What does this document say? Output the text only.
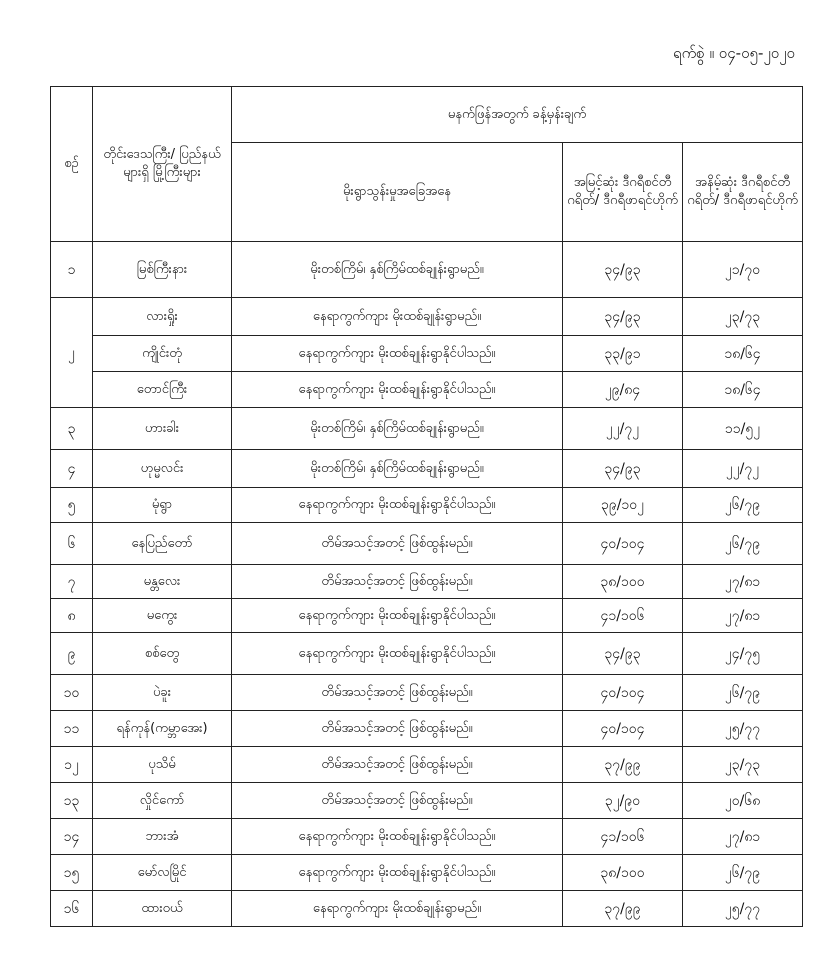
ရက်စွဲ ။ ၀၄-၀၅-၂၀၂၀
စဉ်	တိုင်းဒေသကြီး/ ပြည်နယ်များရှိ မြို့ကြီးများ	မနက်ဖြန်အတွက် ခန့်မှန်းချက်		
		မိုးရွာသွန်းမှုအခြေအနေ	အမြင့်ဆုံး ဒီဂရီစင်တီဂရိတ်/ ဒီဂရီဖာရင်ဟိုက်	အနိမ့်ဆုံး ဒီဂရီစင်တီဂရိတ်/ ဒီဂရီဖာရင်ဟိုက်
၁	မြစ်ကြီးနား	မိုးတစ်ကြိမ်၊ နှစ်ကြိမ်ထစ်ချုန်းရွာမည်။	၃၄/၉၃	၂၁/၇၀
၂	လားရှိုး	နေရာကွက်ကျား မိုးထစ်ချုန်းရွာမည်။	၃၄/၉၃	၂၃/၇၃
	ကျိုင်းတုံ	နေရာကွက်ကျား မိုးထစ်ချုန်းရွာနိုင်ပါသည်။	၃၃/၉၁	၁၈/၆၄
	တောင်ကြီး	နေရာကွက်ကျား မိုးထစ်ချုန်းရွာနိုင်ပါသည်။	၂၉/၈၄	၁၈/၆၄
၃	ဟားခါး	မိုးတစ်ကြိမ်၊ နှစ်ကြိမ်ထစ်ချုန်းရွာမည်။	၂၂/၇၂	၁၁/၅၂
၄	ဟုမ္မလင်း	မိုးတစ်ကြိမ်၊ နှစ်ကြိမ်ထစ်ချုန်းရွာမည်။	၃၄/၉၃	၂၂/၇၂
၅	မုံရွာ	နေရာကွက်ကျား မိုးထစ်ချုန်းရွာနိုင်ပါသည်။	၃၉/၁၀၂	၂၆/၇၉
၆	နေပြည်တော်	တိမ်အသင့်အတင့် ဖြစ်ထွန်းမည်။	၄၀/၁၀၄	၂၆/၇၉
၇	မန္တလေး	တိမ်အသင့်အတင့် ဖြစ်ထွန်းမည်။	၃၈/၁၀၀	၂၇/၈၁
၈	မကွေး	နေရာကွက်ကျား မိုးထစ်ချုန်းရွာနိုင်ပါသည်။	၄၁/၁၀၆	၂၇/၈၁
၉	စစ်တွေ	နေရာကွက်ကျား မိုးထစ်ချုန်းရွာနိုင်ပါသည်။	၃၄/၉၃	၂၄/၇၅
၁၀	ပဲခူး	တိမ်အသင့်အတင့် ဖြစ်ထွန်းမည်။	၄၀/၁၀၄	၂၆/၇၉
၁၁	ရန်ကုန်(ကမ္ဘာအေး)	တိမ်အသင့်အတင့် ဖြစ်ထွန်းမည်။	၄၀/၁၀၄	၂၅/၇၇
၁၂	ပုသိမ်	တိမ်အသင့်အတင့် ဖြစ်ထွန်းမည်။	၃၇/၉၉	၂၃/၇၃
၁၃	လှိုင်ကော်	တိမ်အသင့်အတင့် ဖြစ်ထွန်းမည်။	၃၂/၉၀	၂၀/၆၈
၁၄	ဘားအံ	နေရာကွက်ကျား မိုးထစ်ချုန်းရွာနိုင်ပါသည်။	၄၁/၁၀၆	၂၇/၈၁
၁၅	မော်လမြိုင်	နေရာကွက်ကျား မိုးထစ်ချုန်းရွာနိုင်ပါသည်။	၃၈/၁၀၀	၂၆/၇၉
၁၆	ထားဝယ်	နေရာကွက်ကျား မိုးထစ်ချုန်းရွာမည်။	၃၇/၉၉	၂၅/၇၇
